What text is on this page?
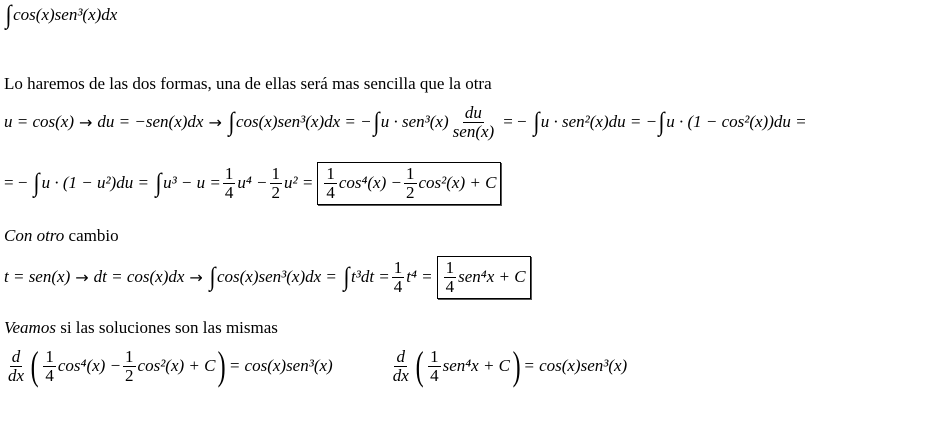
∫ cos(x)sen³(x)dx
Lo haremos de las dos formas, una de ellas será mas sencilla que la otra
u = cos(x) → du = −sen(x)dx → ∫ cos(x)sen³(x)dx = − ∫ $u \cdot sen^3(x) \frac{du}{\text{sen(x)}}$ = − ∫ u · sen²(x)du = − ∫ u · (1 − cos²(x))du =
= − ∫ u · (1 − u²)du = ∫ $u^3 - u = \frac{1}{4} u^4 - \frac{1}{2} u^2 = \frac{1}{4} \cos^4(x) - \frac{1}{2} \cos^2(x) + C$
Con otro
cambio
t = sen(x) → dt = cos(x)dx → ∫ cos(x)sen³(x)dx = ∫ $t^3dt = \frac{1}{4} t^4 = \frac{1}{4} sen^4x + C$
Veamos
si las soluciones son las mismas
$\frac{d}{dx}$ ( $\frac{1}{4} \cos^4(x) - \frac{1}{2} \cos^2(x) + C$ ) = cos(x)sen³(x)	$\frac{d}{dx}$ ( $\frac{1}{4} sen^4x + C$ ) = cos(x)sen³(x)
